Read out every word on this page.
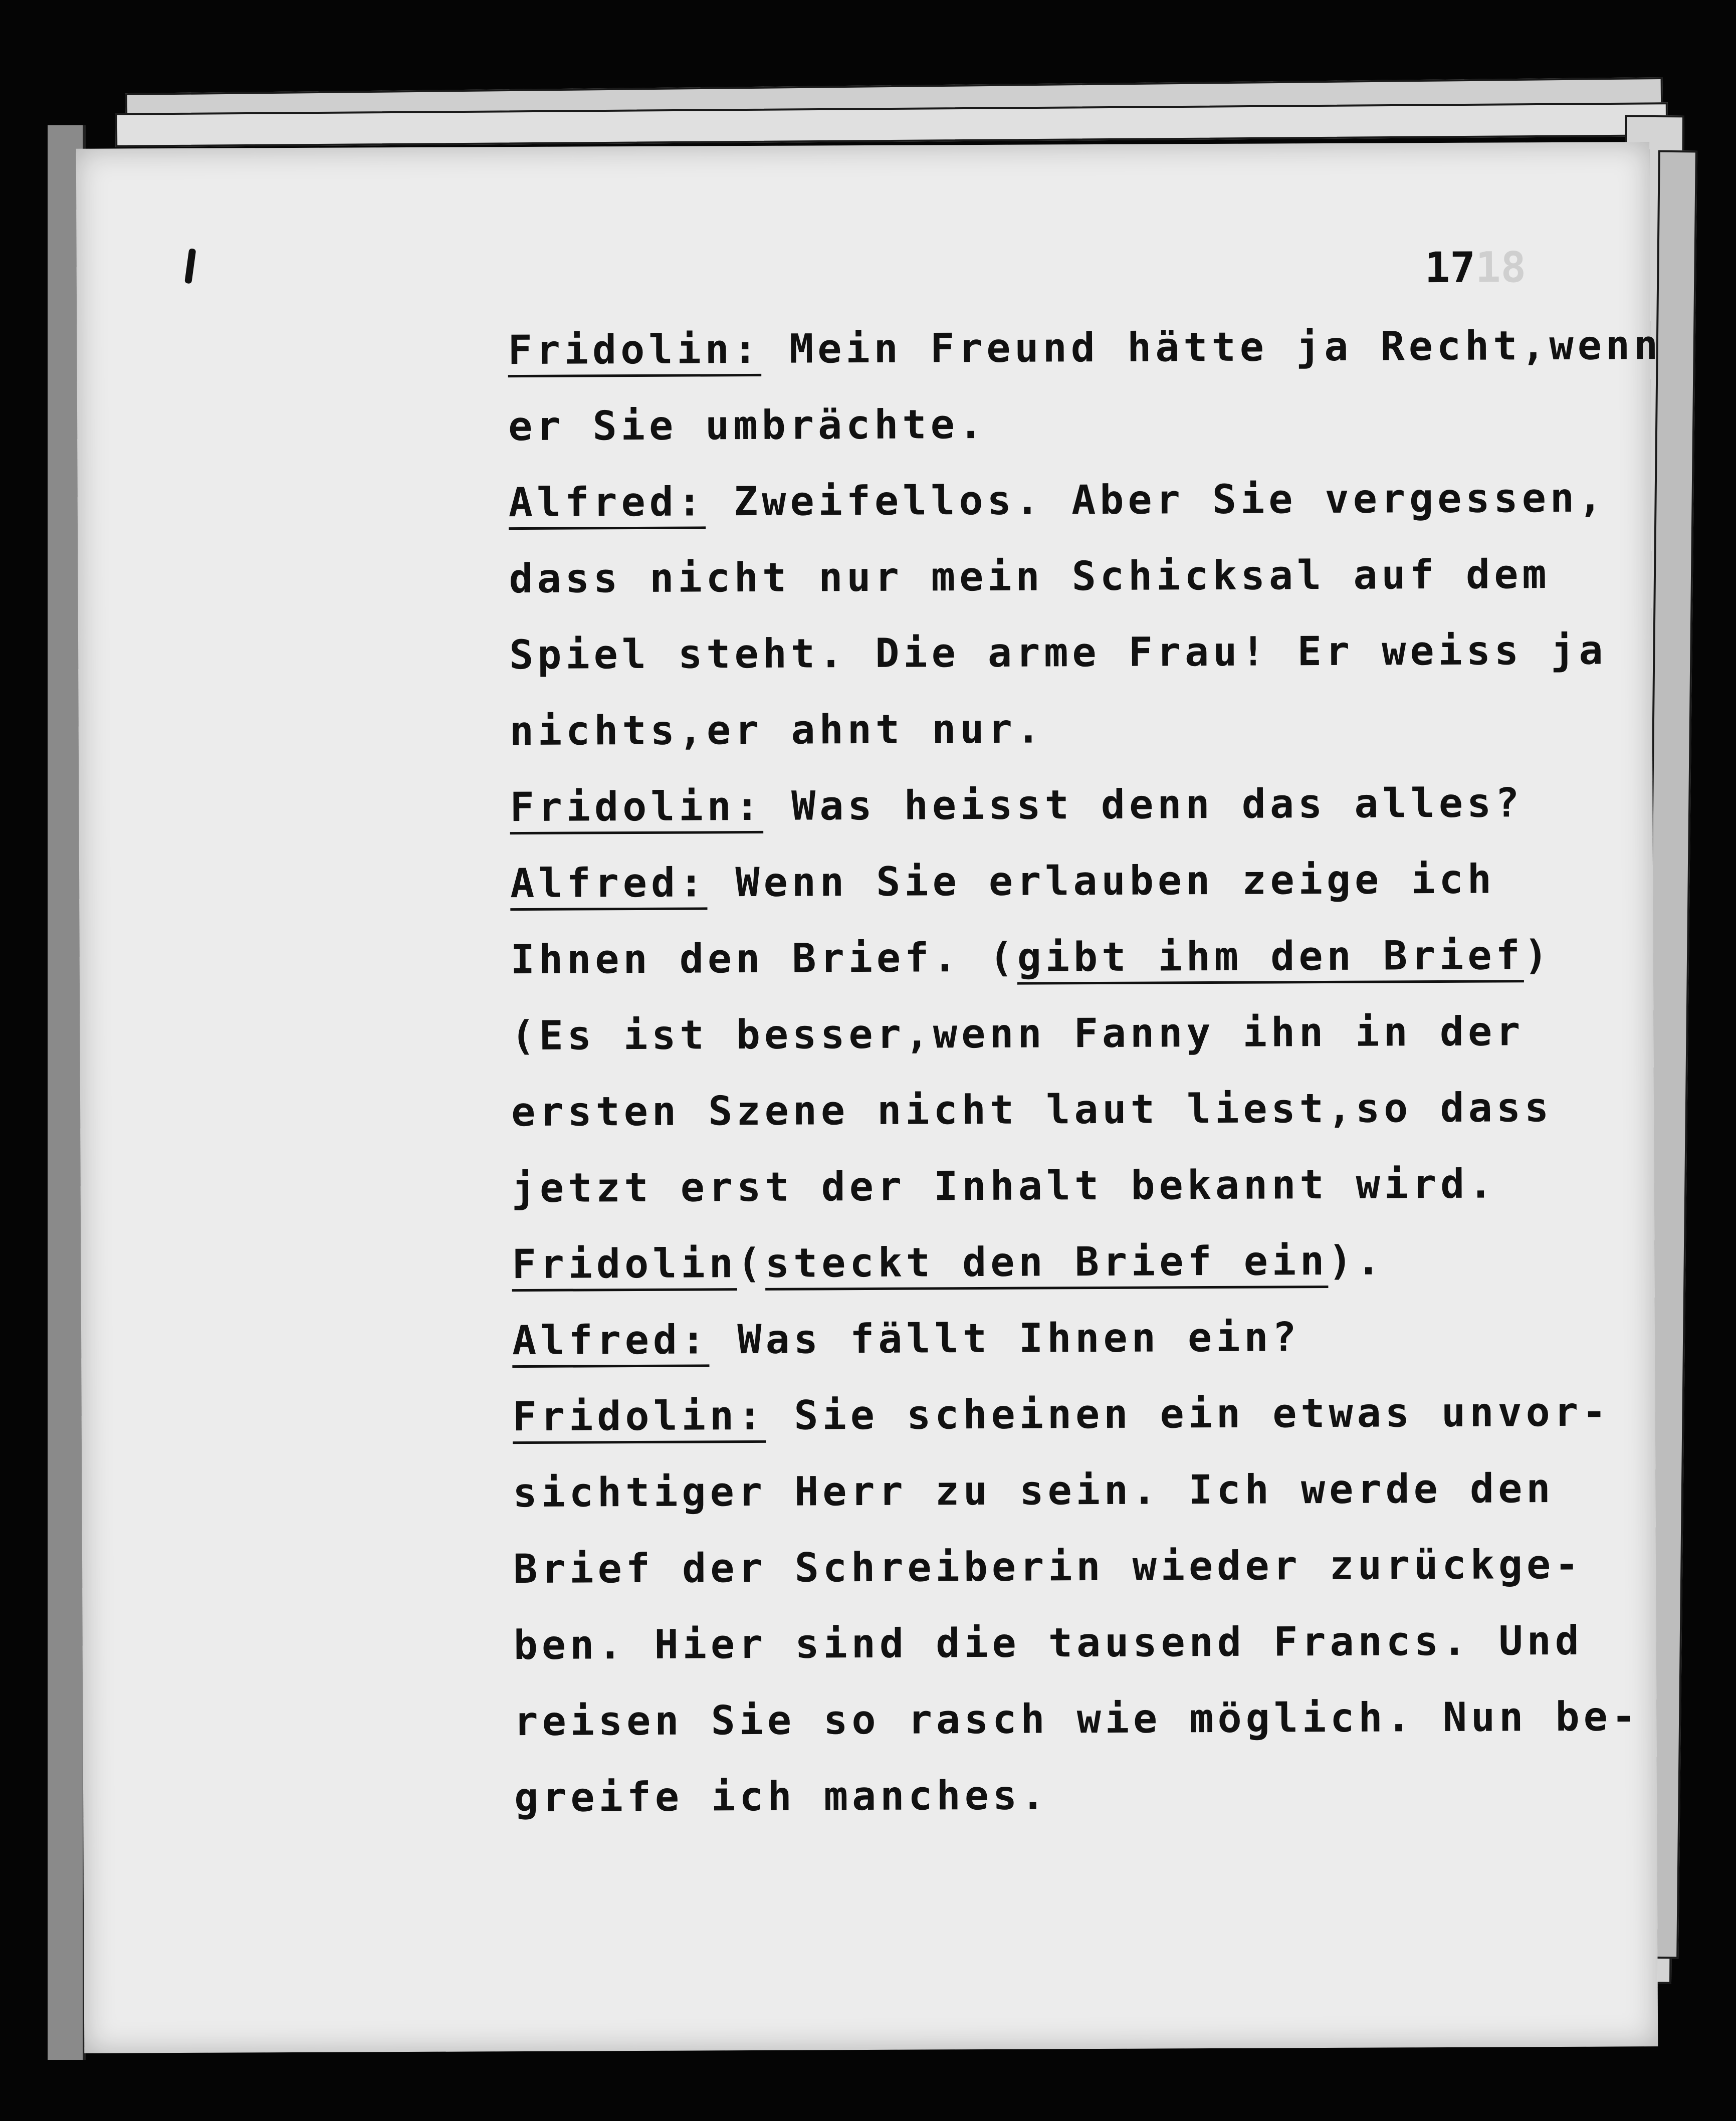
1718
Fridolin: Mein Freund hätte ja Recht,wenn
er Sie umbrächte.
Alfred: Zweifellos. Aber Sie vergessen,
dass nicht nur mein Schicksal auf dem
Spiel steht. Die arme Frau! Er weiss ja
nichts,er ahnt nur.
Fridolin: Was heisst denn das alles?
Alfred: Wenn Sie erlauben zeige ich
Ihnen den Brief. (gibt ihm den Brief)
(Es ist besser,wenn Fanny ihn in der
ersten Szene nicht laut liest,so dass
jetzt erst der Inhalt bekannt wird.
Fridolin(steckt den Brief ein).
Alfred: Was fällt Ihnen ein?
Fridolin: Sie scheinen ein etwas unvor-
sichtiger Herr zu sein. Ich werde den
Brief der Schreiberin wieder zurückge-
ben. Hier sind die tausend Francs. Und
reisen Sie so rasch wie möglich. Nun be-
greife ich manches.
